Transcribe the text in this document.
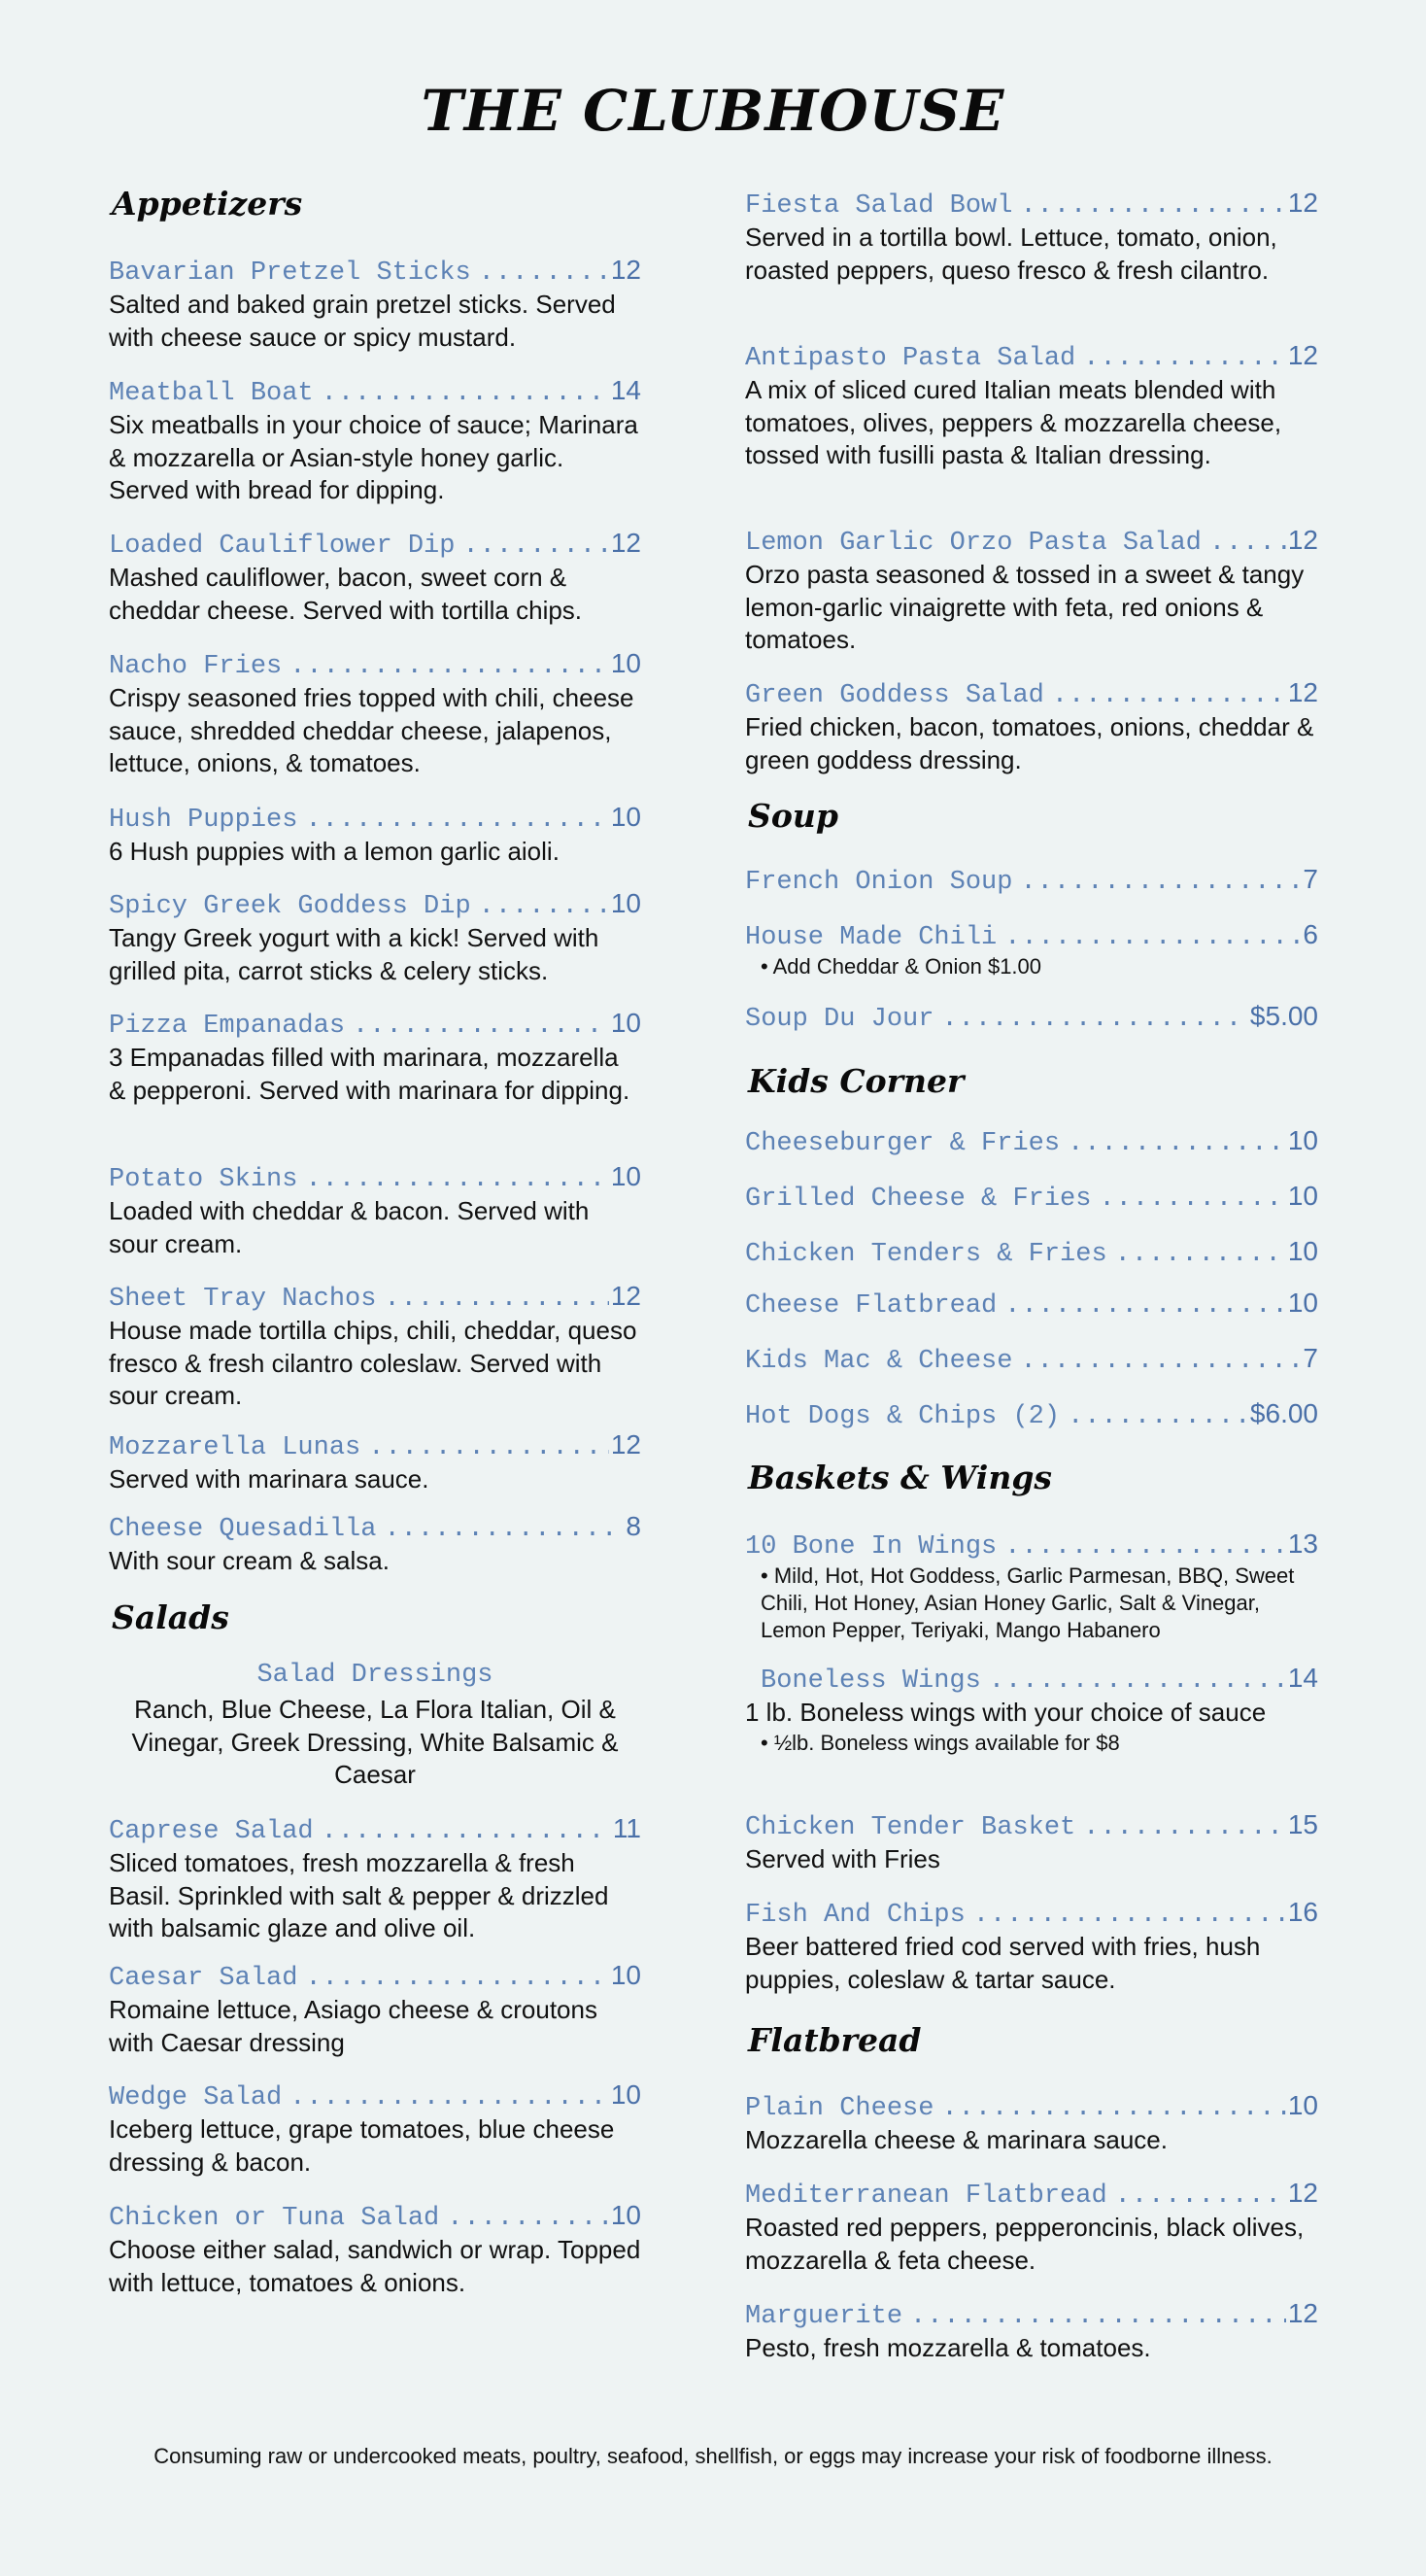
THE CLUBHOUSE
Appetizers
Bavarian Pretzel Sticks .....	12
Salted and baked grain pretzel sticks. Served with cheese sauce or spicy mustard.
Meatball Boat .....	14
Six meatballs in your choice of sauce; Marinara & mozzarella or Asian-style honey garlic. Served with bread for dipping.
Loaded Cauliflower Dip .....	12
Mashed cauliflower, bacon, sweet corn & cheddar cheese. Served with tortilla chips.
Nacho Fries .....	10
Crispy seasoned fries topped with chili, cheese sauce, shredded cheddar cheese, jalapenos, lettuce, onions, & tomatoes.
Hush Puppies .....	10
6 Hush puppies with a lemon garlic aioli.
Spicy Greek Goddess Dip .....	10
Tangy Greek yogurt with a kick! Served with grilled pita, carrot sticks & celery sticks.
Pizza Empanadas .....	10
3 Empanadas filled with marinara, mozzarella & pepperoni. Served with marinara for dipping.
Potato Skins .....	10
Loaded with cheddar & bacon. Served with sour cream.
Sheet Tray Nachos .....	12
House made tortilla chips, chili, cheddar, queso fresco & fresh cilantro coleslaw. Served with sour cream.
Mozzarella Lunas .....	12
Served with marinara sauce.
Cheese Quesadilla .....	8
With sour cream & salsa.
Salads
Salad Dressings
Ranch, Blue Cheese, La Flora Italian, Oil & Vinegar, Greek Dressing, White Balsamic & Caesar
Caprese Salad .....	11
Sliced tomatoes, fresh mozzarella & fresh Basil. Sprinkled with salt & pepper & drizzled with balsamic glaze and olive oil.
Caesar Salad .....	10
Romaine lettuce, Asiago cheese & croutons with Caesar dressing
Wedge Salad .....	10
Iceberg lettuce, grape tomatoes, blue cheese dressing & bacon.
Chicken or Tuna Salad .....	10
Choose either salad, sandwich or wrap. Topped with lettuce, tomatoes & onions.
Fiesta Salad Bowl .....	12
Served in a tortilla bowl. Lettuce, tomato, onion, roasted peppers, queso fresco & fresh cilantro.
Antipasto Pasta Salad .....	12
A mix of sliced cured Italian meats blended with tomatoes, olives, peppers & mozzarella cheese, tossed with fusilli pasta & Italian dressing.
Lemon Garlic Orzo Pasta Salad .....	12
Orzo pasta seasoned & tossed in a sweet & tangy lemon-garlic vinaigrette with feta, red onions & tomatoes.
Green Goddess Salad .....	12
Fried chicken, bacon, tomatoes, onions, cheddar & green goddess dressing.
Soup
French Onion Soup .....	7
House Made Chili .....	6
• Add Cheddar & Onion $1.00
Soup Du Jour .....	$5.00
Kids Corner
Cheeseburger & Fries .....	10
Grilled Cheese & Fries .....	10
Chicken Tenders & Fries .....	10
Cheese Flatbread .....	10
Kids Mac & Cheese .....	7
Hot Dogs & Chips (2) .....	$6.00
Baskets & Wings
10 Bone In Wings .....	13
• Mild, Hot, Hot Goddess, Garlic Parmesan, BBQ, Sweet Chili, Hot Honey, Asian Honey Garlic, Salt & Vinegar, Lemon Pepper, Teriyaki, Mango Habanero
Boneless Wings .....	14
1 lb. Boneless wings with your choice of sauce
• ½lb. Boneless wings available for $8
Chicken Tender Basket .....	15
Served with Fries
Fish And Chips .....	16
Beer battered fried cod served with fries, hush puppies, coleslaw & tartar sauce.
Flatbread
Plain Cheese .....	10
Mozzarella cheese & marinara sauce.
Mediterranean Flatbread .....	12
Roasted red peppers, pepperoncinis, black olives, mozzarella & feta cheese.
Marguerite .....	12
Pesto, fresh mozzarella & tomatoes.
Consuming raw or undercooked meats, poultry, seafood, shellfish, or eggs may increase your risk of foodborne illness.
